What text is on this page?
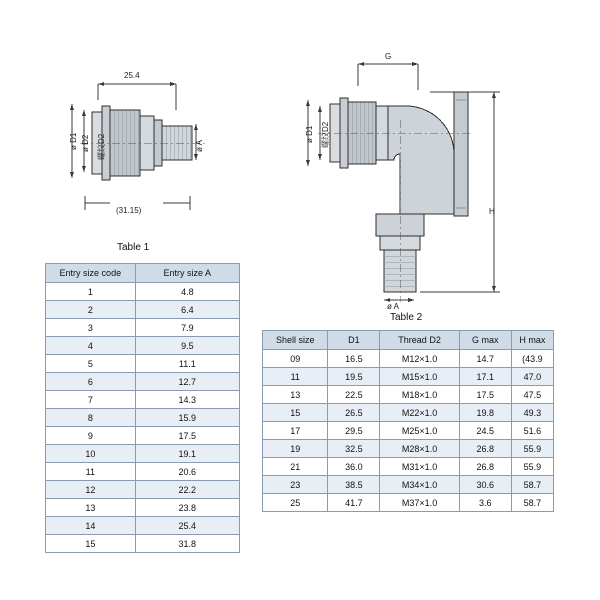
25.4
(31.15)
ø D1 ø D2 螺纹D2	ø A
G
H
ø D1 螺纹D2
ø A
Table 1
Table 2
Entry size code	Entry size A
1	4.8
2	6.4
3	7.9
4	9.5
5	11.1
6	12.7
7	14.3
8	15.9
9	17.5
10	19.1
11	20.6
12	22.2
13	23.8
14	25.4
15	31.8
Shell size	D1	Thread D2	G max	H max
09	16.5	M12×1.0	14.7	(43.9
11	19.5	M15×1.0	17.1	47.0
13	22.5	M18×1.0	17.5	47.5
15	26.5	M22×1.0	19.8	49.3
17	29.5	M25×1.0	24.5	51.6
19	32.5	M28×1.0	26.8	55.9
21	36.0	M31×1.0	26.8	55.9
23	38.5	M34×1.0	30.6	58.7
25	41.7	M37×1.0	3.6	58.7
